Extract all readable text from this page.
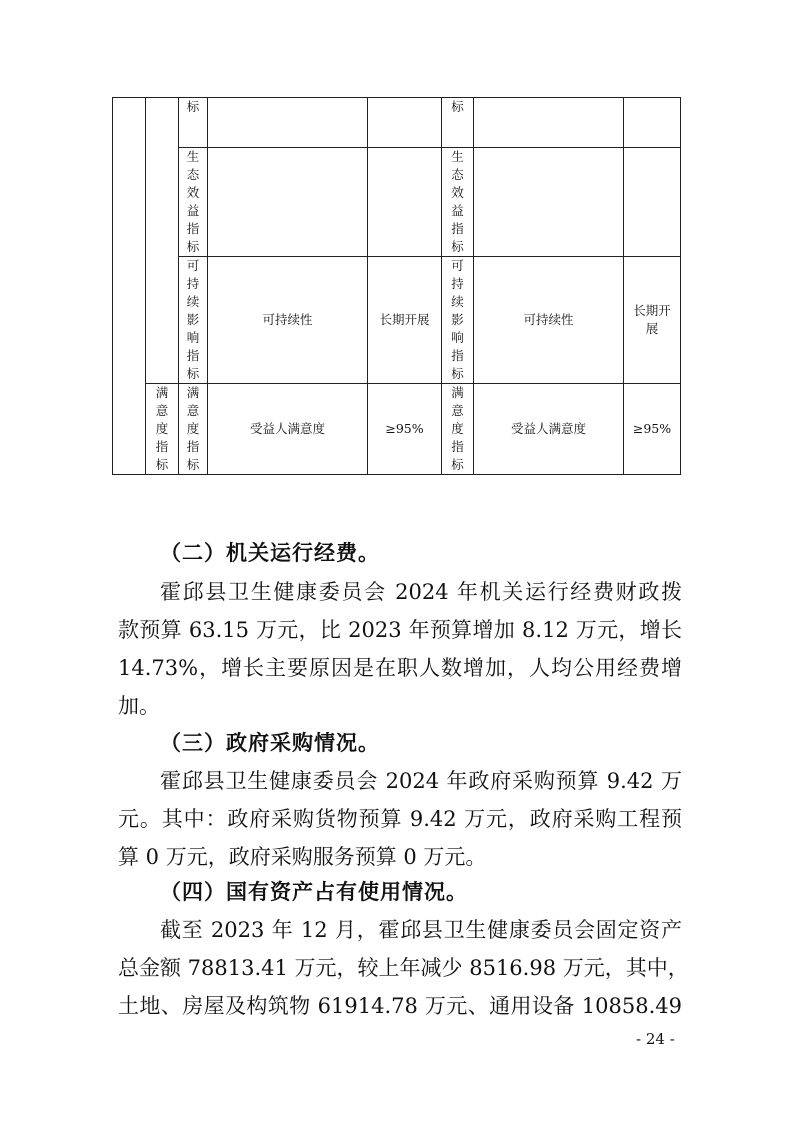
		标			标		

		生态效益指标			生态效益指标		

		可持续影响指标	可持续性	长期开展	可持续影响指标	可持续性	长期开展

	满意度指标	满意度指标	受益人满意度	≥95%	满意度指标	受益人满意度	≥95%
（二）机关运行经费。
霍邱县卫生健康委员会 2024 年机关运行经费财政拨
款预算 63.15 万元，比 2023 年预算增加 8.12 万元，增长
14.73%，增长主要原因是在职人数增加，人均公用经费增
加。
（三）政府采购情况。
霍邱县卫生健康委员会 2024 年政府采购预算 9.42 万
元。其中：政府采购货物预算 9.42 万元，政府采购工程预
算 0 万元，政府采购服务预算 0 万元。
（四）国有资产占有使用情况。
截至 2023 年 12 月，霍邱县卫生健康委员会固定资产
总金额 78813.41 万元，较上年减少 8516.98 万元，其中，
土地、房屋及构筑物 61914.78 万元、通用设备 10858.49
- 24 -
